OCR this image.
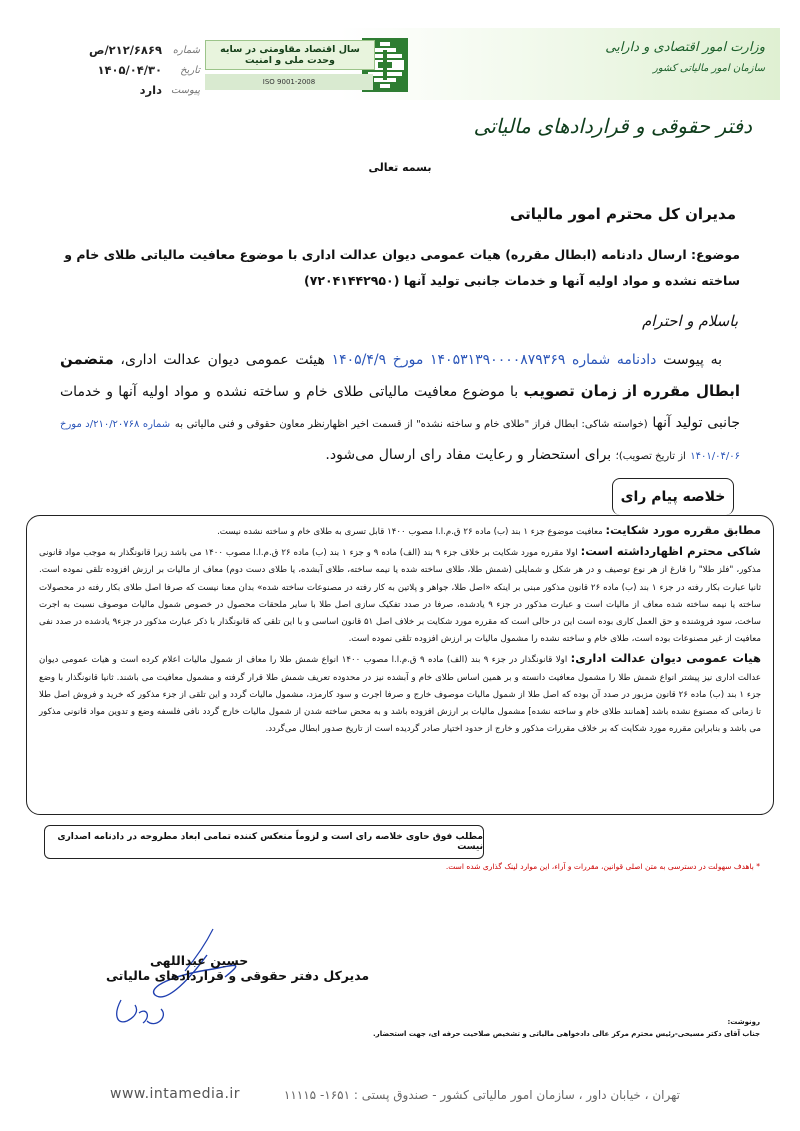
وزارت امور اقتصادی و دارایی
سازمان امور مالیاتی کشور
سال اقتصاد مقاومتی در سایه وحدت ملی و امنیت
ISO 9001-2008
دفتر حقوقی و قراردادهای مالیاتی
شماره
۲۱۲/۶۸۶۹/ص
تاریخ
۱۴۰۵/۰۴/۳۰
پیوست
دارد
بسمه تعالی
مدیران کل محترم امور مالیاتی
موضوع: ارسال دادنامه (ابطال مقرره) هیات عمومی دیوان عدالت اداری با موضوع معافیت مالیاتی طلای خام و ساخته نشده و مواد اولیه آنها و خدمات جانبی تولید آنها (۷۲۰۴۱۴۴۲۹۵۰)
باسلام و احترام
به پیوست دادنامه شماره ۱۴۰۵۳۱۳۹۰۰۰۰۸۷۹۳۶۹ مورخ ۱۴۰۵/۴/۹ هیئت عمومی دیوان عدالت اداری، متضمن ابطال مقرره از زمان تصویب با موضوع معافیت مالیاتی طلای خام و ساخته نشده و مواد اولیه آنها و خدمات جانبی تولید آنها (خواسته شاکی: ابطال فراز "طلای خام و ساخته نشده" از قسمت اخیر اظهارنظر معاون حقوقی و فنی مالیاتی به شماره ۲۱۰/۲۰۷۶۸/د مورخ ۱۴۰۱/۰۴/۰۶ از تاریخ تصویب)؛ برای استحضار و رعایت مفاد رای ارسال می‌شود.
خلاصه پیام رای

مطابق مقرره مورد شکایت: معافیت موضوع جزء ۱ بند (ب) ماده ۲۶ ق.م.ا.ا مصوب ۱۴۰۰ قابل تسری به طلای خام و ساخته نشده نیست.

شاکی محترم اظهارداشته است: اولا مقرره مورد شکایت بر خلاف جزء ۹ بند (الف) ماده ۹ و جزء ۱ بند (ب) ماده ۲۶ ق.م.ا.ا مصوب ۱۴۰۰ می باشد زیرا قانونگذار به موجب مواد قانونی مذکور، "فلز طلا" را فارغ از هر نوع توصیف و در هر شکل و شمایلی (شمش طلا، طلای ساخته شده یا نیمه ساخته، طلای آبشده، یا طلای دست دوم) معاف از مالیات بر ارزش افزوده تلقی نموده است. ثانیا عبارت بکار رفته در جزء ۱ بند (ب) ماده ۲۶ قانون مذکور مبنی بر اینکه «اصل طلا، جواهر و پلاتین به کار رفته در مصنوعات ساخته شده» بدان معنا نیست که صرفا اصل طلای بکار رفته در محصولات ساخته یا نیمه ساخته شده معاف از مالیات است و عبارت مذکور در جزء ۹ یادشده، صرفا در صدد تفکیک سازی اصل طلا با سایر ملحقات محصول در خصوص شمول مالیات موصوف نسبت به اجرت ساخت، سود فروشنده و حق العمل کاری بوده است این در حالی است که مقرره مورد شکایت بر خلاف اصل ۵۱ قانون اساسی و با این تلقی که قانونگذار با ذکر عبارت مذکور در جزء۹ یادشده در صدد نفی معافیت از غیر مصنوعات بوده است، طلای خام و ساخته نشده را مشمول مالیات بر ارزش افزوده تلقی نموده است.

هیات عمومی دیوان عدالت اداری: اولا قانونگذار در جزء ۹ بند (الف) ماده ۹ ق.م.ا.ا مصوب ۱۴۰۰ انواع شمش طلا را معاف از شمول مالیات اعلام کرده است و هیات عمومی دیوان عدالت اداری نیز پیشتر انواع شمش طلا را مشمول معافیت دانسته و بر همین اساس طلای خام و آبشده نیز در محدوده تعریف شمش طلا قرار گرفته و مشمول معافیت می باشند. ثانیا قانونگذار با وضع جزء ۱ بند (ب) ماده ۲۶ قانون مزبور در صدد آن بوده که اصل طلا از شمول مالیات موصوف خارج و صرفا اجرت و سود کارمزد، مشمول مالیات گردد و این تلقی از جزء مذکور که خرید و فروش اصل طلا تا زمانی که مصنوع نشده باشد [همانند طلای خام و ساخته نشده] مشمول مالیات بر ارزش افزوده باشد و به محض ساخته شدن از شمول مالیات خارج گردد نافی فلسفه وضع و تدوین مواد قانونی مذکور می باشد و بنابراین مقرره مورد شکایت که بر خلاف مقررات مذکور و خارج از حدود اختیار صادر گردیده است از تاریخ صدور ابطال می‌گردد.

مطلب فوق حاوی خلاصه رای است و لزوماً منعکس کننده تمامی ابعاد مطروحه در دادنامه اصداری نیست
* باهدف سهولت در دسترسی به متن اصلی قوانین، مقررات و آراء، این موارد لینک گذاری شده است.
حسین عبداللهی
مدیرکل دفتر حقوقی و قراردادهای مالیاتی
رونوشت:
جناب آقای دکتر مسیحی-رئیس محترم مرکز عالی دادخواهی مالیاتی و تشخیص صلاحیت حرفه ای، جهت استحضار.
www.intamedia.ir	تهران ، خیابان داور ، سازمان امور مالیاتی کشور - صندوق پستی : ۱۶۵۱- ۱۱۱۱۵
